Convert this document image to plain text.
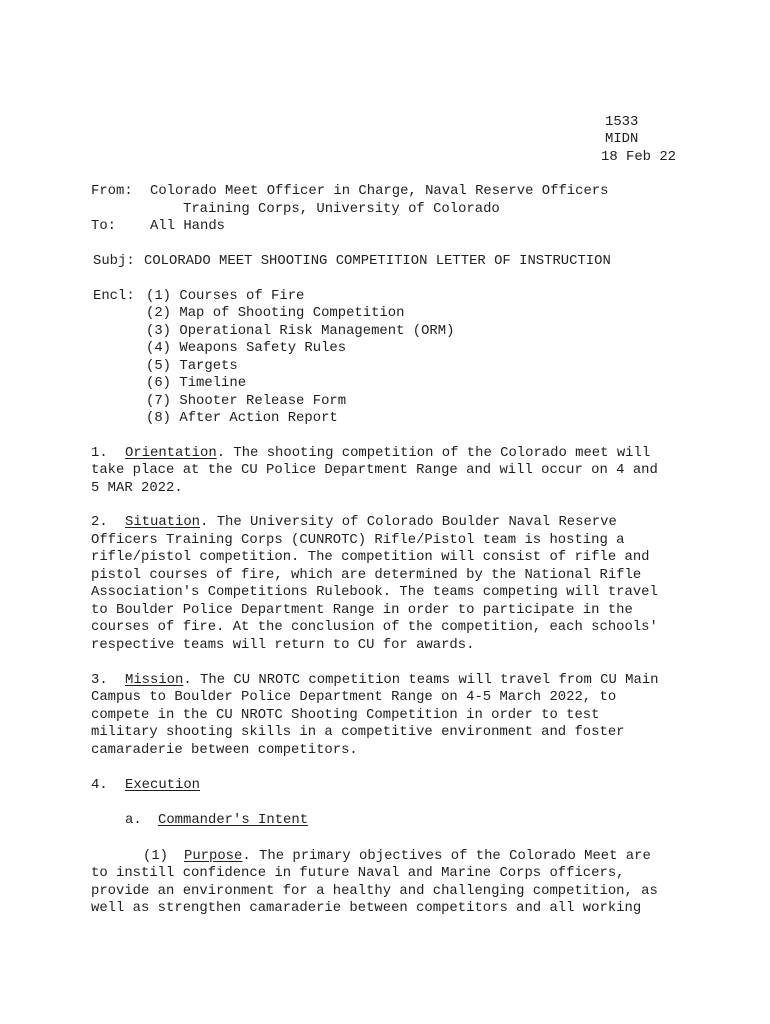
1533
MIDN
18 Feb 22
From: Colorado Meet Officer in Charge, Naval Reserve Officers
Training Corps, University of Colorado
To: All Hands
Subj: COLORADO MEET SHOOTING COMPETITION LETTER OF INSTRUCTION
Encl: (1) Courses of Fire
(2) Map of Shooting Competition
(3) Operational Risk Management (ORM)
(4) Weapons Safety Rules
(5) Targets
(6) Timeline
(7) Shooter Release Form
(8) After Action Report
1. Orientation. The shooting competition of the Colorado meet will
take place at the CU Police Department Range and will occur on 4 and
5 MAR 2022.
2. Situation. The University of Colorado Boulder Naval Reserve
Officers Training Corps (CUNROTC) Rifle/Pistol team is hosting a
rifle/pistol competition. The competition will consist of rifle and
pistol courses of fire, which are determined by the National Rifle
Association's Competitions Rulebook. The teams competing will travel
to Boulder Police Department Range in order to participate in the
courses of fire. At the conclusion of the competition, each schools'
respective teams will return to CU for awards.
3. Mission. The CU NROTC competition teams will travel from CU Main
Campus to Boulder Police Department Range on 4-5 March 2022, to
compete in the CU NROTC Shooting Competition in order to test
military shooting skills in a competitive environment and foster
camaraderie between competitors.
4. Execution
a. Commander's Intent
(1) Purpose. The primary objectives of the Colorado Meet are
to instill confidence in future Naval and Marine Corps officers,
provide an environment for a healthy and challenging competition, as
well as strengthen camaraderie between competitors and all working
